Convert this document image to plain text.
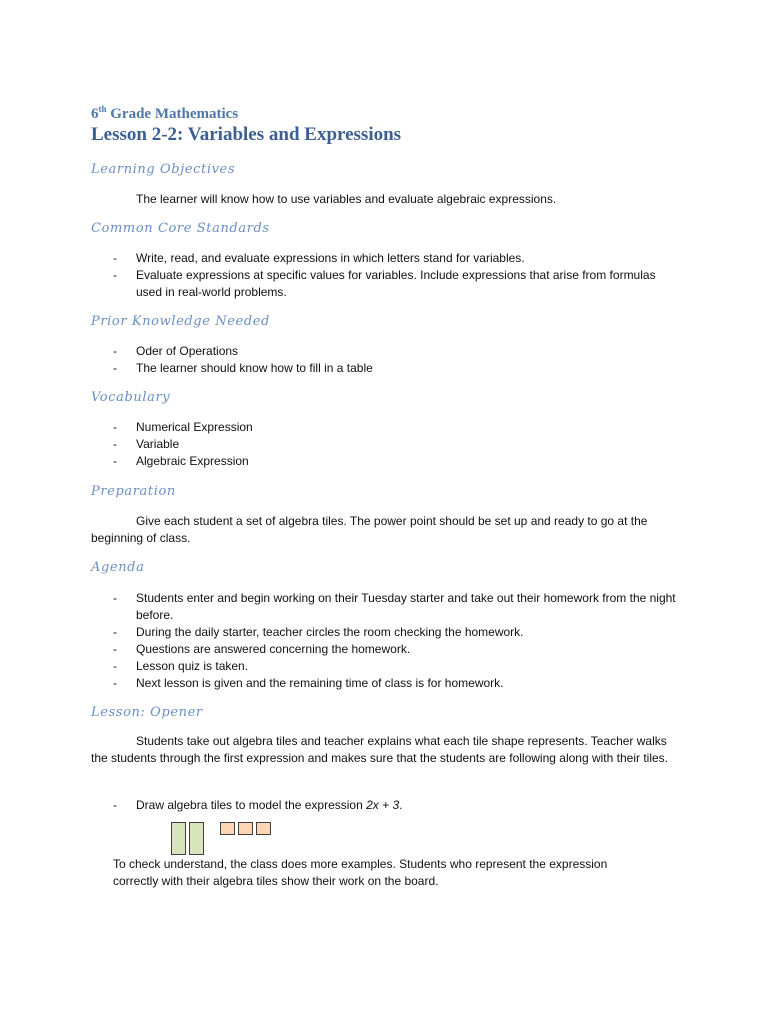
6th Grade Mathematics
Lesson 2-2: Variables and Expressions
Learning Objectives
The learner will know how to use variables and evaluate algebraic expressions.
Common Core Standards
- Write, read, and evaluate expressions in which letters stand for variables.
- Evaluate expressions at specific values for variables. Include expressions that arise from formulas used in real-world problems.
Prior Knowledge Needed
- Oder of Operations
- The learner should know how to fill in a table
Vocabulary
- Numerical Expression
- Variable
- Algebraic Expression
Preparation
Give each student a set of algebra tiles. The power point should be set up and ready to go at the beginning of class.
Agenda
- Students enter and begin working on their Tuesday starter and take out their homework from the night before.
- During the daily starter, teacher circles the room checking the homework.
- Questions are answered concerning the homework.
- Lesson quiz is taken.
- Next lesson is given and the remaining time of class is for homework.
Lesson: Opener
Students take out algebra tiles and teacher explains what each tile shape represents. Teacher walks the students through the first expression and makes sure that the students are following along with their tiles.
- Draw algebra tiles to model the expression 2x + 3.
To check understand, the class does more examples. Students who represent the expression correctly with their algebra tiles show their work on the board.
